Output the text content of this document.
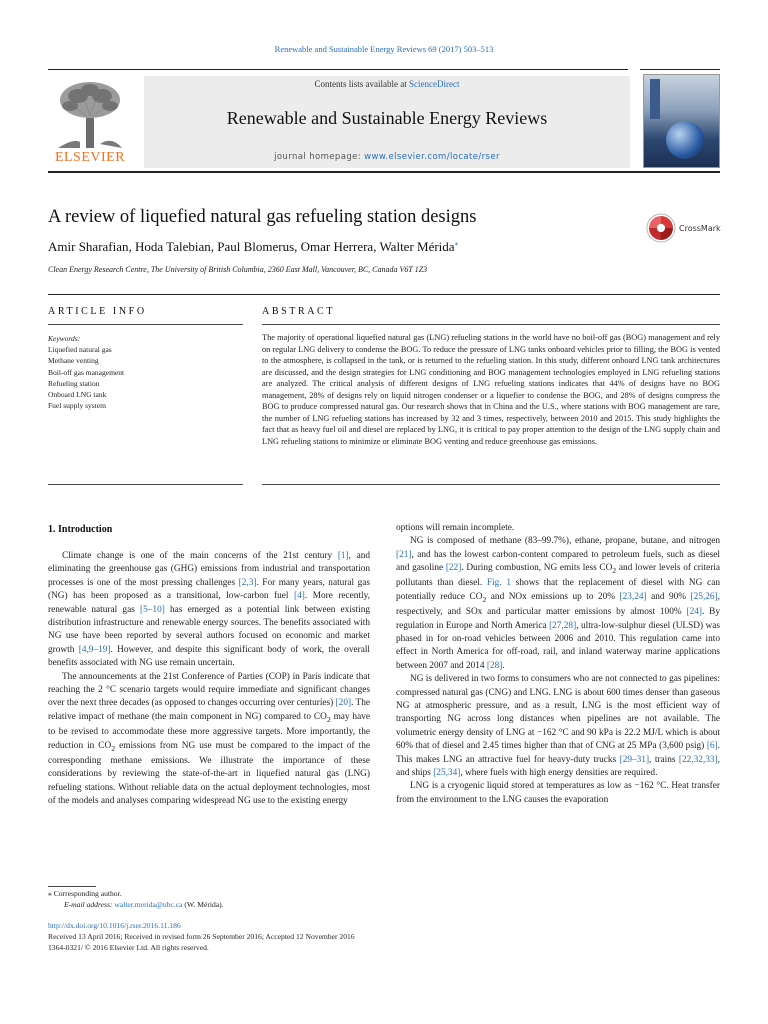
Renewable and Sustainable Energy Reviews 69 (2017) 503–513
ELSEVIER
Contents lists available at ScienceDirect
Renewable and Sustainable Energy Reviews
journal homepage: www.elsevier.com/locate/rser
A review of liquefied natural gas refueling station designs
Amir Sharafian, Hoda Talebian, Paul Blomerus, Omar Herrera, Walter Mérida⁎
Clean Energy Research Centre, The University of British Columbia, 2360 East Mall, Vancouver, BC, Canada V6T 1Z3
CrossMark
ARTICLE INFO	ABSTRACT
Keywords:
Liquefied natural gas
Methane venting
Boil-off gas management
Refueling station
Onboard LNG tank
Fuel supply system
The majority of operational liquefied natural gas (LNG) refueling stations in the world have no boil-off gas (BOG) management and rely on regular LNG delivery to condense the BOG. To reduce the pressure of LNG tanks onboard vehicles prior to filling, the BOG is vented to the atmosphere, is collapsed in the tank, or is returned to the refueling station. In this study, different onboard LNG tank architectures are discussed, and the design strategies for LNG conditioning and BOG management technologies employed in LNG refueling stations are analyzed. The critical analysis of different designs of LNG refueling stations indicates that 44% of designs have no BOG management, 28% of designs rely on liquid nitrogen condenser or a liquefier to condense the BOG, and 28% of designs compress the BOG to produce compressed natural gas. Our research shows that in China and the U.S., where stations with BOG management are rare, the number of LNG refueling stations has increased by 32 and 3 times, respectively, between 2010 and 2015. This study highlights the fact that as heavy fuel oil and diesel are replaced by LNG, it is critical to pay proper attention to the design of the LNG supply chain and LNG refueling stations to minimize or eliminate BOG venting and reduce greenhouse gas emissions.
1. Introduction

Climate change is one of the main concerns of the 21st century [1], and eliminating the greenhouse gas (GHG) emissions from industrial and transportation processes is one of the most pressing challenges [2,3]. For many years, natural gas (NG) has been proposed as a transitional, low-carbon fuel [4]. More recently, renewable natural gas [5–10] has emerged as a potential link between existing distribution infrastructure and renewable energy sources. The benefits associated with NG use have been reported by several authors focused on economic and market growth [4,9–19]. However, and despite this significant body of work, the overall benefits associated with NG use remain uncertain.

The announcements at the 21st Conference of Parties (COP) in Paris indicate that reaching the 2 °C scenario targets would require immediate and significant changes over the next three decades (as opposed to changes occurring over centuries) [20]. The relative impact of methane (the main component in NG) compared to $CO_2$ may have to be revised to accommodate these more aggressive targets. More importantly, the reduction in $CO_2$ emissions from NG use must be compared to the impact of the corresponding methane emissions. We illustrate the importance of these considerations by reviewing the state-of-the-art in liquefied natural gas (LNG) refueling stations. Without reliable data on the actual deployment technologies, most of the models and analyses comparing widespread NG use to the existing energy

options will remain incomplete.

NG is composed of methane (83–99.7%), ethane, propane, butane, and nitrogen [21], and has the lowest carbon-content compared to petroleum fuels, such as diesel and gasoline [22]. During combustion, NG emits less $CO_2$ and lower levels of criteria pollutants than diesel. Fig. 1 shows that the replacement of diesel with NG can potentially reduce $CO_2$ and NOx emissions up to 20% [23,24] and 90% [25,26], respectively, and SOx and particular matter emissions by almost 100% [24]. By regulation in Europe and North America [27,28], ultra-low-sulphur diesel (ULSD) was phased in for on-road vehicles between 2006 and 2010. This regulation came into effect in North America for off-road, rail, and inland waterway marine applications between 2007 and 2014 [28].

NG is delivered in two forms to consumers who are not connected to gas pipelines: compressed natural gas (CNG) and LNG. LNG is about 600 times denser than gaseous NG at atmospheric pressure, and as a result, LNG is the most efficient way of transporting NG across long distances when pipelines are not available. The volumetric energy density of LNG at −162 °C and 90 kPa is 22.2 MJ/L which is about 60% that of diesel and 2.45 times higher than that of CNG at 25 MPa (3,600 psig) [6]. This makes LNG an attractive fuel for heavy-duty trucks [29–31], trains [22,32,33], and ships [25,34], where fuels with high energy densities are required.

LNG is a cryogenic liquid stored at temperatures as low as −162 °C. Heat transfer from the environment to the LNG causes the evaporation

⁎ Corresponding author.
E-mail address: walter.merida@ubc.ca (W. Mérida).
http://dx.doi.org/10.1016/j.rser.2016.11.186
Received 13 April 2016; Received in revised form 26 September 2016; Accepted 12 November 2016
1364-0321/ © 2016 Elsevier Ltd. All rights reserved.
